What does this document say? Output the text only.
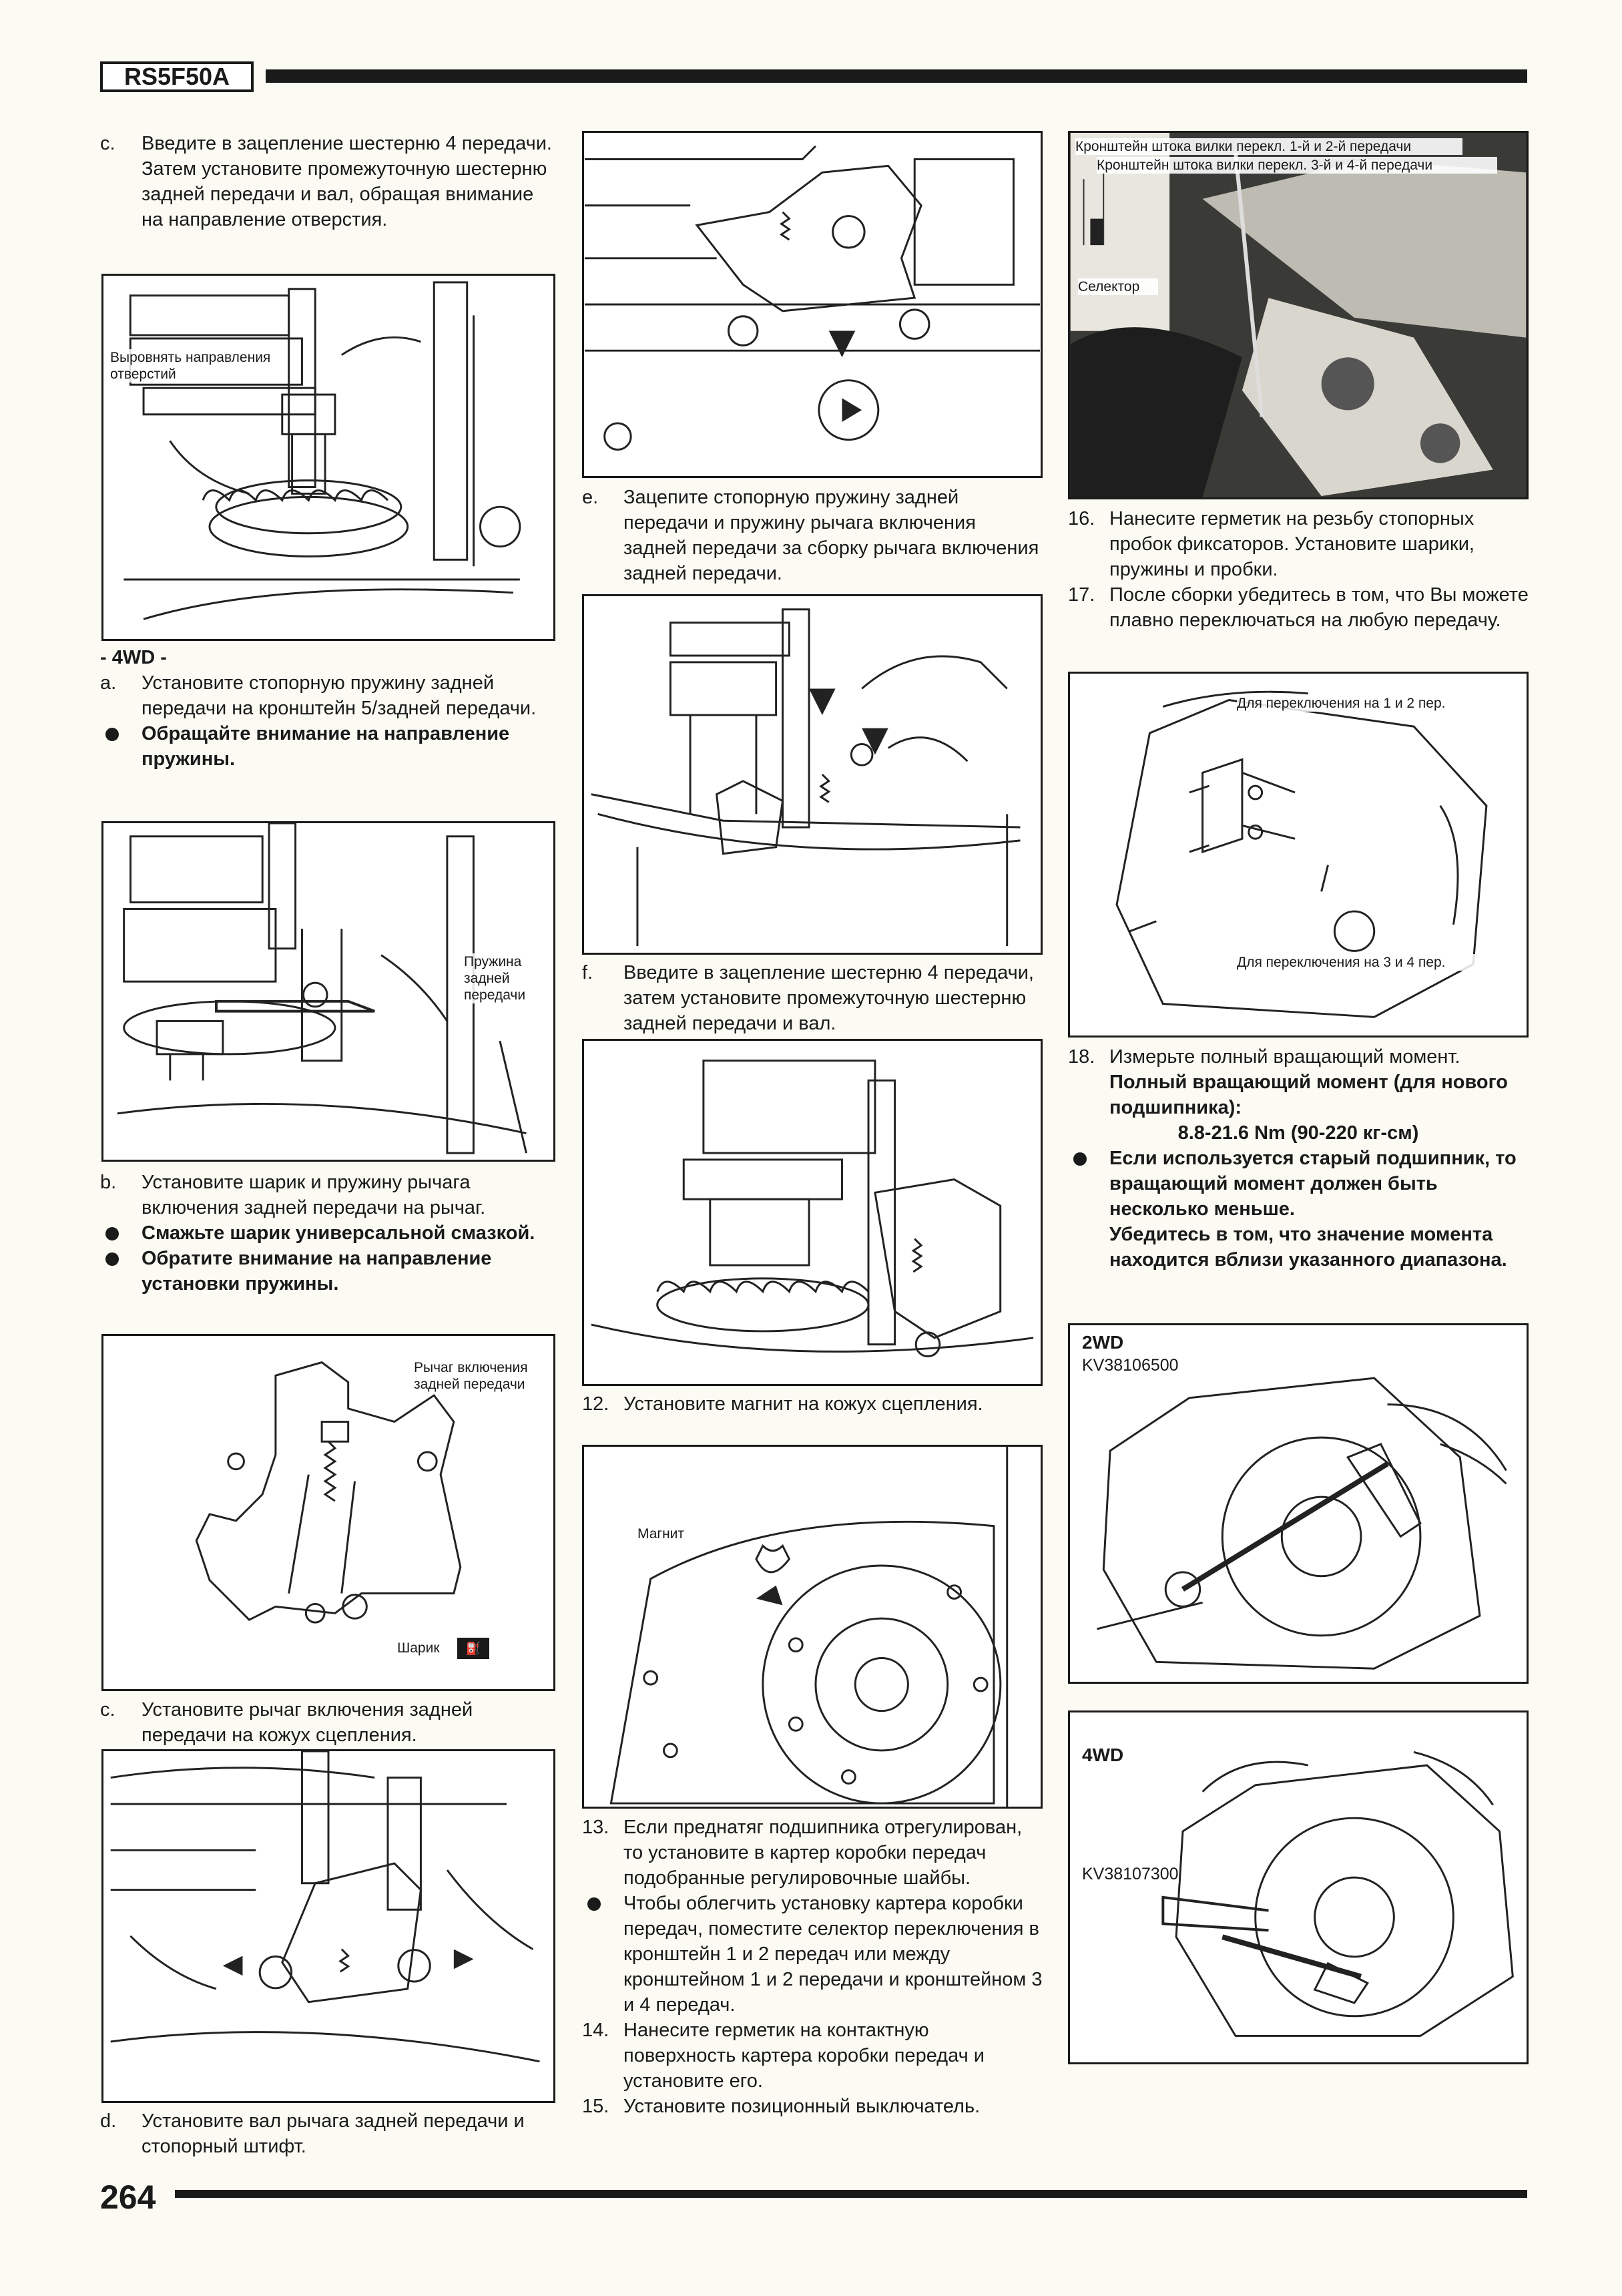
RS5F50A
264

c. Введите в зацепление шестерню 4 передачи. Затем установите промежуточную шестерню задней передачи и вал, обращая внимание на направление отверстия.

Выровнять направления отверстий
- 4WD -

a. Установите стопорную пружину задней передачи на кронштейн 5/задней передачи.

Обращайте внимание на направление пружины.

Пружина задней передачи

b. Установите шарик и пружину рычага включения задней передачи на рычаг.

Смажьте шарик универсальной смазкой.

Обратите внимание на направление установки пружины.

Рычаг включения задней передачи
Шарик	⛽

c. Установите рычаг включения задней передачи на кожух сцепления.

d. Установите вал рычага задней передачи и стопорный штифт.

e. Зацепите стопорную пружину задней передачи и пружину рычага включения задней передачи за сборку рычага включения задней передачи.

f. Введите в зацепление шестерню 4 передачи, затем установите промежуточную шестерню задней передачи и вал.

12. Установите магнит на кожух сцепления.

Магнит

13. Если преднатяг подшипника отрегулирован, то установите в картер коробки передач подобранные регулировочные шайбы.

Чтобы облегчить установку картера коробки передач, поместите селектор переключения в кронштейн 1 и 2 передач или между кронштейном 1 и 2 передачи и кронштейном 3 и 4 передач.

14. Нанесите герметик на контактную поверхность картера коробки передач и установите его.

15. Установите позиционный выключатель.

Кронштейн штока вилки перекл. 1-й и 2-й передачи
Кронштейн штока вилки перекл. 3-й и 4-й передачи
Селектор

16. Нанесите герметик на резьбу стопорных пробок фиксаторов. Установите шарики, пружины и пробки.

17. После сборки убедитесь в том, что Вы можете плавно переключаться на любую передачу.

Для переключения на 1 и 2 пер.
Для переключения на 3 и 4 пер.

18. Измерьте полный вращающий момент.

Полный вращающий момент (для нового подшипника):

8.8-21.6 Nm (90-220 кг-см)

Если используется старый подшипник, то вращающий момент должен быть несколько меньше.
Убедитесь в том, что значение момента находится вблизи указанного диапазона.

2WD
KV38106500
4WD
KV38107300
